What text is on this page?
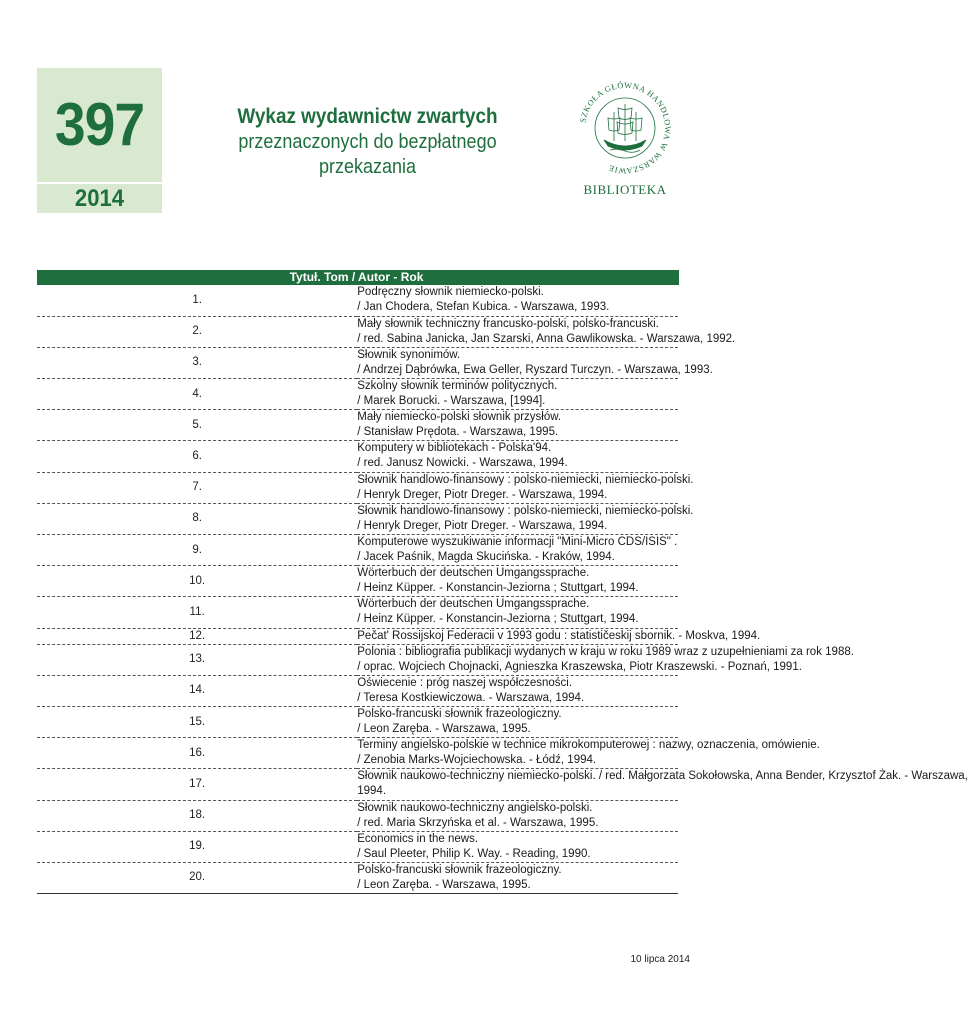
397
2014
Wykaz wydawnictw zwartych
przeznaczonych do bezpłatnego
przekazania
SZKOŁA GŁÓWNA HANDLOWA W WARSZAWIE
BIBLIOTEKA
Tytuł. Tom / Autor - Rok	
1.	Podręczny słownik niemiecko-polski.
/ Jan Chodera, Stefan Kubica. - Warszawa, 1993.

2.	Mały słownik techniczny francusko-polski, polsko-francuski.
/ red. Sabina Janicka, Jan Szarski, Anna Gawlikowska. - Warszawa, 1992.

3.	Słownik synonimów.
/ Andrzej Dąbrówka, Ewa Geller, Ryszard Turczyn. - Warszawa, 1993.

4.	Szkolny słownik terminów politycznych.
/ Marek Borucki. - Warszawa, [1994].

5.	Mały niemiecko-polski słownik przysłów.
/ Stanisław Prędota. - Warszawa, 1995.

6.	Komputery w bibliotekach - Polska'94.
/ red. Janusz Nowicki. - Warszawa, 1994.

7.	Słownik handlowo-finansowy : polsko-niemiecki, niemiecko-polski.
/ Henryk Dreger, Piotr Dreger. - Warszawa, 1994.

8.	Słownik handlowo-finansowy : polsko-niemiecki, niemiecko-polski.
/ Henryk Dreger, Piotr Dreger. - Warszawa, 1994.

9.	Komputerowe wyszukiwanie informacji "Mini-Micro CDS/ISIS" .
/ Jacek Paśnik, Magda Skucińska. - Kraków, 1994.

10.	Wörterbuch der deutschen Umgangssprache.
/ Heinz Küpper. - Konstancin-Jeziorna ; Stuttgart, 1994.

11.	Wörterbuch der deutschen Umgangssprache.
/ Heinz Küpper. - Konstancin-Jeziorna ; Stuttgart, 1994.

12.	Pečat' Rossijskoj Federacii v 1993 godu : statističeskij sbornik. - Moskva, 1994.

13.	Polonia : bibliografia publikacji wydanych w kraju w roku 1989 wraz z uzupełnieniami za rok 1988.
/ oprac. Wojciech Chojnacki, Agnieszka Kraszewska, Piotr Kraszewski. - Poznań, 1991.

14.	Oświecenie : próg naszej współczesności.
/ Teresa Kostkiewiczowa. - Warszawa, 1994.

15.	Polsko-francuski słownik frazeologiczny.
/ Leon Zaręba. - Warszawa, 1995.

16.	Terminy angielsko-polskie w technice mikrokomputerowej : nazwy, oznaczenia, omówienie.
/ Zenobia Marks-Wojciechowska. - Łódź, 1994.

17.	Słownik naukowo-techniczny niemiecko-polski. / red. Małgorzata Sokołowska, Anna Bender, Krzysztof Żak. - Warszawa,
1994.

18.	Słownik naukowo-techniczny angielsko-polski.
/ red. Maria Skrzyńska et al. - Warszawa, 1995.

19.	Economics in the news.
/ Saul Pleeter, Philip K. Way. - Reading, 1990.

20.	Polsko-francuski słownik frazeologiczny.
/ Leon Zaręba. - Warszawa, 1995.
10 lipca 2014
